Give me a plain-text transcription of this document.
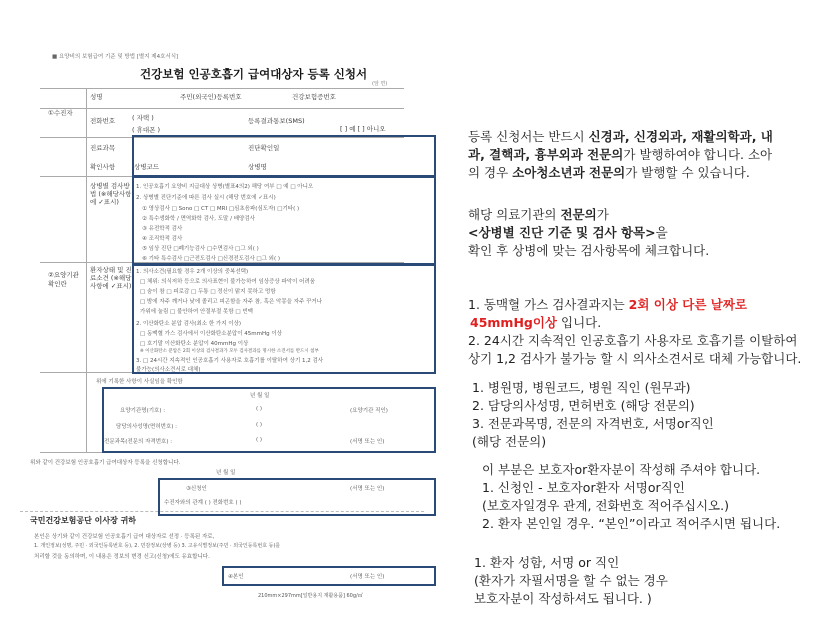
■ 요양비의 보험급여 기준 및 방법 [별지 제4호서식]
건강보험 인공호흡기 급여대상자 등록 신청서
(앞 면)
①수진자
성명	주민(외국인)등록번호	건강보험증번호
전화번호	( 자택 )
( 휴대폰 )
등록결과통보(SMS)
[ ] 예 [ ] 아니오
진료과목	진단확인일
확인사항	상병코드	상병명
②요양기관 확인란
상병별 검사방법 (※해당사항에 ✓표시)
1. 인공호흡기 요양비 지급대상 상병(별표4의2) 해당 여부 □ 예 □ 아니오
2. 상병별 진단기준에 따른 검사 실시 (해당 번호에 ✓표시)
① 영상검사 □ Sono □ CT □ MRI □심초음파(심도자) □기타( )
② 특수생화학 / 면역화학 검사, 도말 / 배양검사
③ 유전학적 검사
④ 조직학적 검사
⑤ 임상 진단 □폐기능검사 □수면검사 □그 외( )
⑥ 기타 특수검사 □근전도검사 □신경전도검사 □그 외( )
환자상태 및 진료소견 (※해당사항에 ✓표시)
1. 의사소견(필요할 경우 2개 이상의 중복선택)
□ 체위: 의식저하 등으로 의사표현이 불가능하여 임상증상 파악이 어려움
□ 숨이 참 □ 피로감 □ 두통 □ 정신이 맑지 못하고 멍함
□ 밤에 자주 깨거나 낮에 졸리고 피곤함을 자주 참, 혹은 악몽을 자주 꾸거나
가위에 눌림 □ 불안하여 안절부절 못함 □ 빈맥
2. 이산화탄소 분압 검사(최소 한 가지 이상)
□ 동맥혈 가스 검사에서 이산화탄소분압이 45mmHg 이상
□ 호기말 이산화탄소 분압이 40mmHg 이상
※ 이산화탄소 분압은 2회 이상의 검사결과가 모두 검사결과를 명시한 소견서를 반드시 첨부
3. □ 24시간 지속적인 인공호흡기 사용자로 호흡기를 이탈하여 상기 1,2 검사
불가능(의사소견서로 대체)
위에 기록한 사항이 사실임을 확인함
년 월 일
요양기관명(기호) :	( )	(요양기관 직인)
담당의사성명(면허번호) :	( )
전문과목(전문의 자격번호) :	( )	(서명 또는 인)
위와 같이 건강보험 인공호흡기 급여대상자 등록을 신청합니다.
년 월 일
③신청인	(서명 또는 인)
수진자와의 관계 ( ) 전화번호 ( )
국민건강보험공단 이사장 귀하
본인은 상기와 같이 건강보험 인공호흡기 급여 대상자로 선정 · 등록된 자로,
1. 개인정보(성명, 주민 · 외국인등록번호 등), 2. 민감정보(상병 등) 3. 고유식별정보(주민 · 외국인등록번호 등)를
처리할 것을 동의하며, 이 내용은 정보의 변경 신고(신청)에도 유효합니다.
④본인	(서명 또는 인)
210mm×297mm[일반용지 재활용품] 60g/㎡
등록 신청서는 반드시 신경과, 신경외과, 재활의학과, 내
과, 결핵과, 흉부외과 전문의가 발행하여야 합니다. 소아
의 경우 소아청소년과 전문의가 발행할 수 있습니다.
해당 의료기관의 전문의가
<상병별 진단 기준 및 검사 항목>을
확인 후 상병에 맞는 검사항목에 체크합니다.
1. 동맥혈 가스 검사결과지는 2회 이상 다른 날짜로
45mmHg이상 입니다.
2. 24시간 지속적인 인공호흡기 사용자로 호흡기를 이탈하여
상기 1,2 검사가 불가능 할 시 의사소견서로 대체 가능합니다.
1. 병원명, 병원코드, 병원 직인 (원무과)
2. 담당의사성명, 면허번호 (해당 전문의)
3. 전문과목명, 전문의 자격번호, 서명or직인
(해당 전문의)
이 부분은 보호자or환자분이 작성해 주셔야 합니다.
1. 신청인 - 보호자or환자 서명or직인
(보호자일경우 관계, 전화번호 적어주십시오.)
2. 환자 본인일 경우. “본인”이라고 적어주시면 됩니다.
1. 환자 성함, 서명 or 직인
(환자가 자필서명을 할 수 없는 경우
보호자분이 작성하셔도 됩니다. )
